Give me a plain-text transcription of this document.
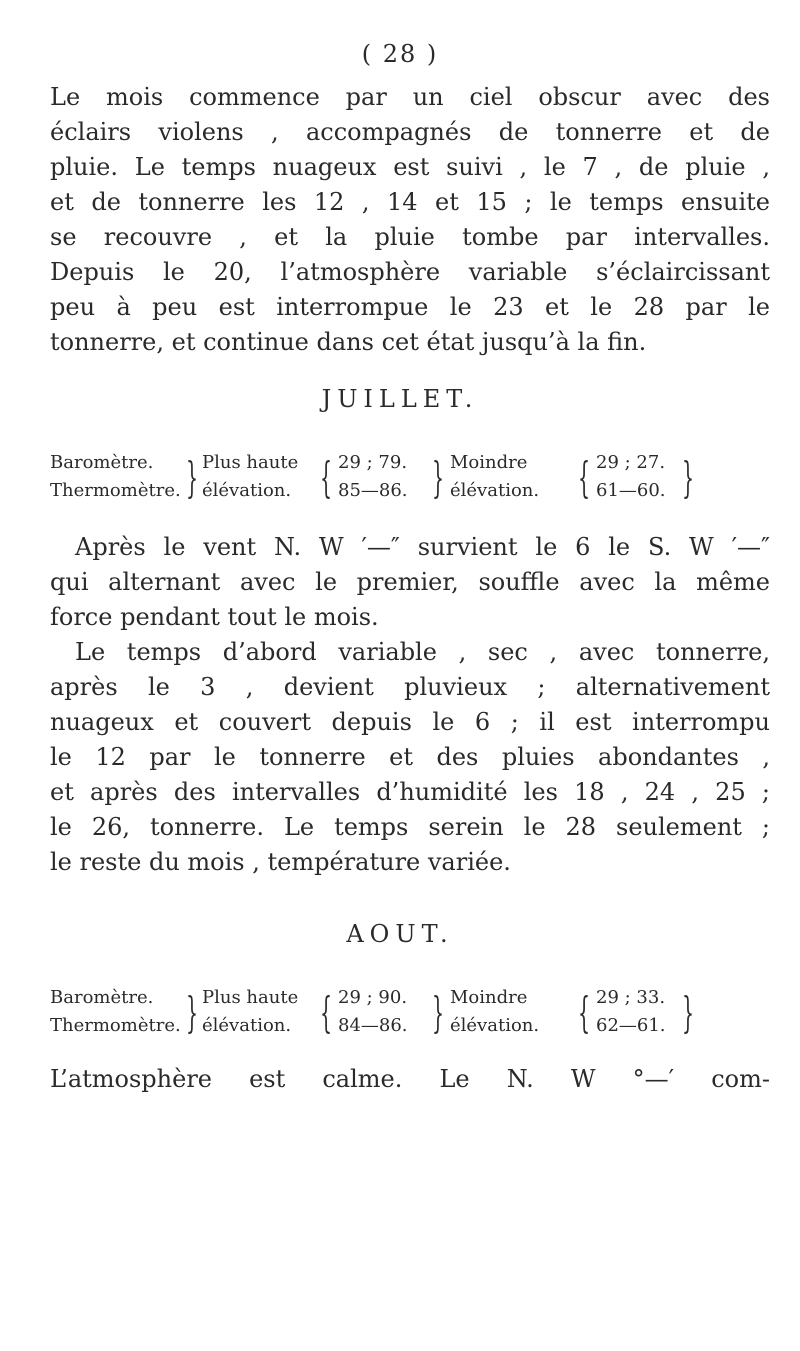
( 28 )
Le mois commence par un ciel obscur avec des
éclairs violens , accompagnés de tonnerre et de
pluie. Le temps nuageux est suivi , le 7 , de pluie ,
et de tonnerre les 12 , 14 et 15 ; le temps ensuite
se recouvre , et la pluie tombe par intervalles.
Depuis le 20, l’atmosphère variable s’éclaircissant
peu à peu est interrompue le 23 et le 28 par le
tonnerre, et continue dans cet état jusqu’à la fin.
JUILLET.
Baromètre.
Thermomètre. } Plus haute
élévation. { 29 ; 79.
85—86. } Moindre
élévation. { 29 ; 27.
61—60. }
Après le vent N. W ′—″ survient le 6 le S. W ′—″
qui alternant avec le premier, souffle avec la même
force pendant tout le mois.
Le temps d’abord variable , sec , avec tonnerre,
après le 3 , devient pluvieux ; alternativement
nuageux et couvert depuis le 6 ; il est interrompu
le 12 par le tonnerre et des pluies abondantes ,
et après des intervalles d’humidité les 18 , 24 , 25 ;
le 26, tonnerre. Le temps serein le 28 seulement ;
le reste du mois , température variée.
AOUT.
Baromètre.
Thermomètre. } Plus haute
élévation. { 29 ; 90.
84—86. } Moindre
élévation. { 29 ; 33.
62—61. }
L’atmosphère est calme. Le N. W °—′ com-
